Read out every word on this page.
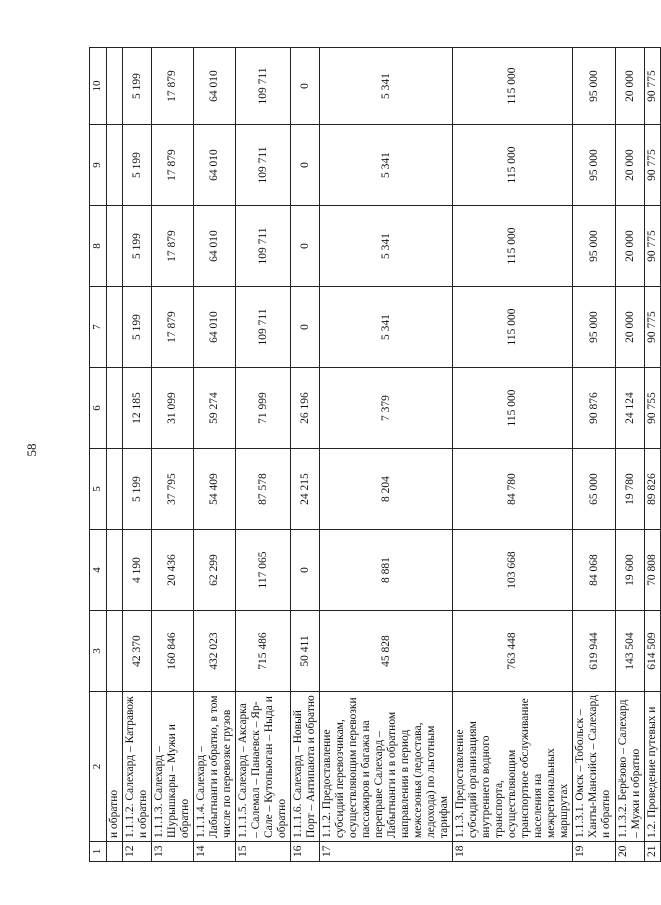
58
1	2	3	4	5	6	7	8	9	10
	и обратно								
12	1.1.1.2. Салехард – Катравож и обратно	42 370	4 190	5 199	12 185	5 199	5 199	5 199	5 199
13	1.1.1.3. Салехард – Шурышкары – Мужи и обратно	160 846	20 436	37 795	31 099	17 879	17 879	17 879	17 879
14	1.1.1.4. Салехард – Лабытнанги и обратно, в том числе по перевозке грузов	432 023	62 299	54 409	59 274	64 010	64 010	64 010	64 010
15	1.1.1.5. Салехард – Аксарка – Салемал – Панаевск – Яр-Сале – Кутопьюган – Ныда и обратно	715 486	117 065	87 578	71 999	109 711	109 711	109 711	109 711
16	1.1.1.6. Салехард – Новый Порт – Антипаюта и обратно	50 411	0	24 215	26 196	0	0	0	0
17	1.1.2. Предоставление субсидий перевозчикам, осуществляющим перевозки пассажиров и багажа на переправе Салехард – Лабытнанги и в обратном направлении в период межсезонья (ледостава, ледохода) по льготным тарифам	45 828	8 881	8 204	7 379	5 341	5 341	5 341	5 341
18	1.1.3. Предоставление субсидий организациям внутреннего водного транспорта, осуществляющим транспортное обслуживание населения на межрегиональных маршрутах	763 448	103 668	84 780	115 000	115 000	115 000	115 000	115 000
19	1.1.3.1. Омск – Тобольск – Ханты-Мансийск – Салехард и обратно	619 944	84 068	65 000	90 876	95 000	95 000	95 000	95 000
20	1.1.3.2. Берёзово – Салехард – Мужи и обратно	143 504	19 600	19 780	24 124	20 000	20 000	20 000	20 000
21	1.2. Проведение путевых и	614 509	70 808	89 826	90 755	90 775	90 775	90 775	90 775
